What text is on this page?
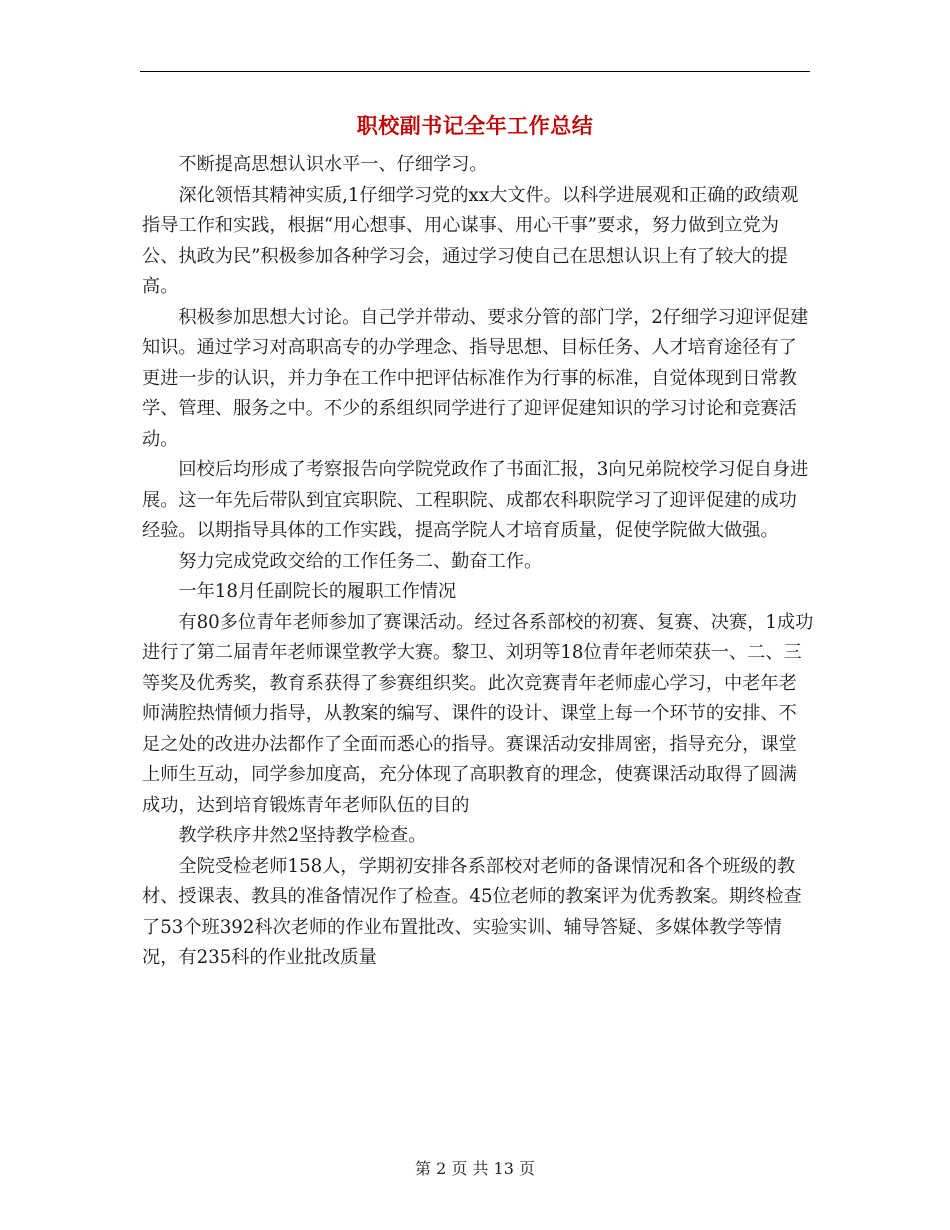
职校副书记全年工作总结

不断提高思想认识水平一、仔细学习。

深化领悟其精神实质,1仔细学习党的xx大文件。以科学进展观和正确的政绩观指导工作和实践，根据“用心想事、用心谋事、用心干事”要求，努力做到立党为公、执政为民”积极参加各种学习会，通过学习使自己在思想认识上有了较大的提高。

积极参加思想大讨论。自己学并带动、要求分管的部门学，2仔细学习迎评促建知识。通过学习对高职高专的办学理念、指导思想、目标任务、人才培育途径有了更进一步的认识，并力争在工作中把评估标准作为行事的标准，自觉体现到日常教学、管理、服务之中。不少的系组织同学进行了迎评促建知识的学习讨论和竞赛活动。

回校后均形成了考察报告向学院党政作了书面汇报，3向兄弟院校学习促自身进展。这一年先后带队到宜宾职院、工程职院、成都农科职院学习了迎评促建的成功经验。以期指导具体的工作实践，提高学院人才培育质量，促使学院做大做强。

努力完成党政交给的工作任务二、勤奋工作。

一年18月任副院长的履职工作情况

有80多位青年老师参加了赛课活动。经过各系部校的初赛、复赛、决赛，1成功进行了第二届青年老师课堂教学大赛。黎卫、刘玥等18位青年老师荣获一、二、三等奖及优秀奖，教育系获得了参赛组织奖。此次竞赛青年老师虚心学习，中老年老师满腔热情倾力指导，从教案的编写、课件的设计、课堂上每一个环节的安排、不足之处的改进办法都作了全面而悉心的指导。赛课活动安排周密，指导充分，课堂上师生互动，同学参加度高，充分体现了高职教育的理念，使赛课活动取得了圆满成功，达到培育锻炼青年老师队伍的目的

教学秩序井然2坚持教学检查。

全院受检老师158人，学期初安排各系部校对老师的备课情况和各个班级的教材、授课表、教具的准备情况作了检查。45位老师的教案评为优秀教案。期终检查了53个班392科次老师的作业布置批改、实验实训、辅导答疑、多媒体教学等情况，有235科的作业批改质量

第 2 页 共 13 页
